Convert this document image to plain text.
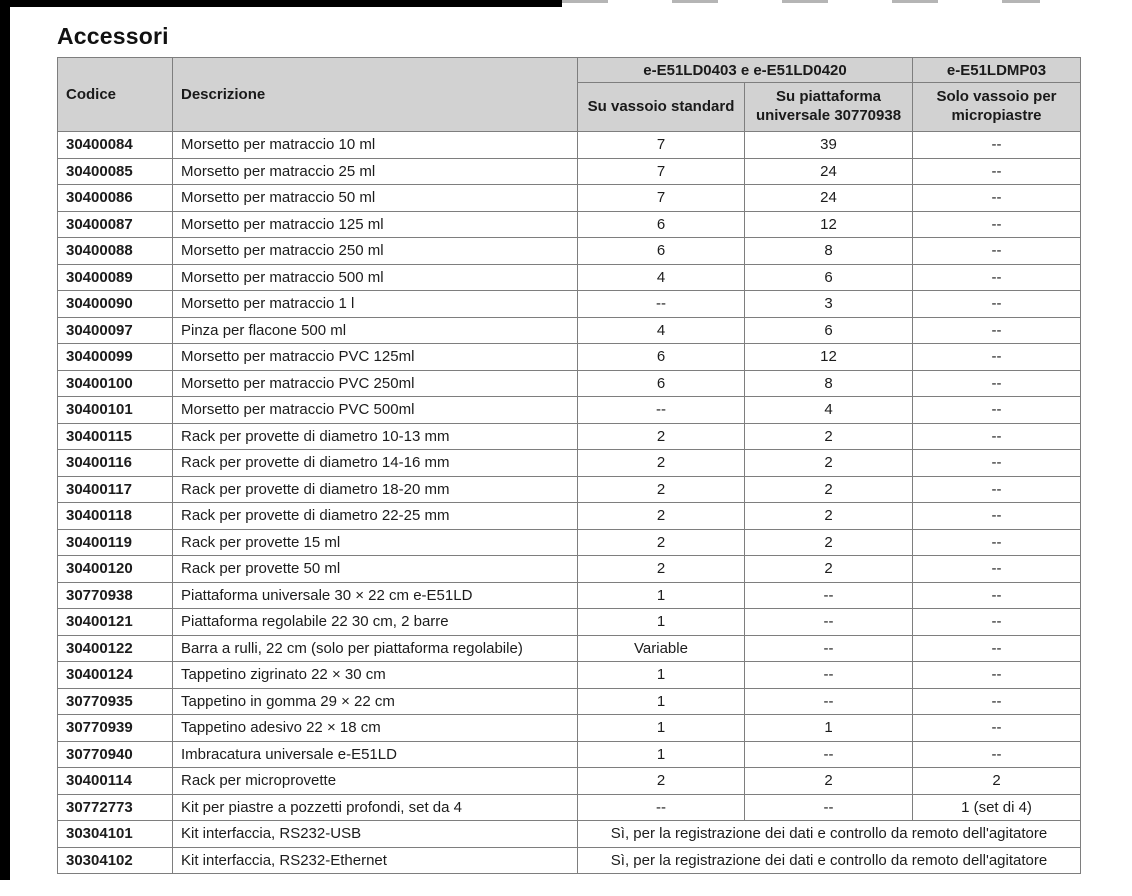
Accessori
Codice	Descrizione	e-E51LD0403 e e-E51LD0420		e-E51LDMP03
		Su vassoio standard	Su piattaforma universale 30770938	Solo vassoio per micropiastre
30400084	Morsetto per matraccio 10 ml	7	39	--
30400085	Morsetto per matraccio 25 ml	7	24	--
30400086	Morsetto per matraccio 50 ml	7	24	--
30400087	Morsetto per matraccio 125 ml	6	12	--
30400088	Morsetto per matraccio 250 ml	6	8	--
30400089	Morsetto per matraccio 500 ml	4	6	--
30400090	Morsetto per matraccio 1 l	--	3	--
30400097	Pinza per flacone 500 ml	4	6	--
30400099	Morsetto per matraccio PVC 125ml	6	12	--
30400100	Morsetto per matraccio PVC 250ml	6	8	--
30400101	Morsetto per matraccio PVC 500ml	--	4	--
30400115	Rack per provette di diametro 10-13 mm	2	2	--
30400116	Rack per provette di diametro 14-16 mm	2	2	--
30400117	Rack per provette di diametro 18-20 mm	2	2	--
30400118	Rack per provette di diametro 22-25 mm	2	2	--
30400119	Rack per provette 15 ml	2	2	--
30400120	Rack per provette 50 ml	2	2	--
30770938	Piattaforma universale 30 × 22 cm e-E51LD	1	--	--
30400121	Piattaforma regolabile 22 30 cm, 2 barre	1	--	--
30400122	Barra a rulli, 22 cm (solo per piattaforma regolabile)	Variable	--	--
30400124	Tappetino zigrinato 22 × 30 cm	1	--	--
30770935	Tappetino in gomma 29 × 22 cm	1	--	--
30770939	Tappetino adesivo 22 × 18 cm	1	1	--
30770940	Imbracatura universale e-E51LD	1	--	--
30400114	Rack per microprovette	2	2	2
30772773	Kit per piastre a pozzetti profondi, set da 4	--	--	1 (set di 4)
30304101	Kit interfaccia, RS232-USB	Sì, per la registrazione dei dati e controllo da remoto dell'agitatore		
30304102	Kit interfaccia, RS232-Ethernet	Sì, per la registrazione dei dati e controllo da remoto dell'agitatore		
